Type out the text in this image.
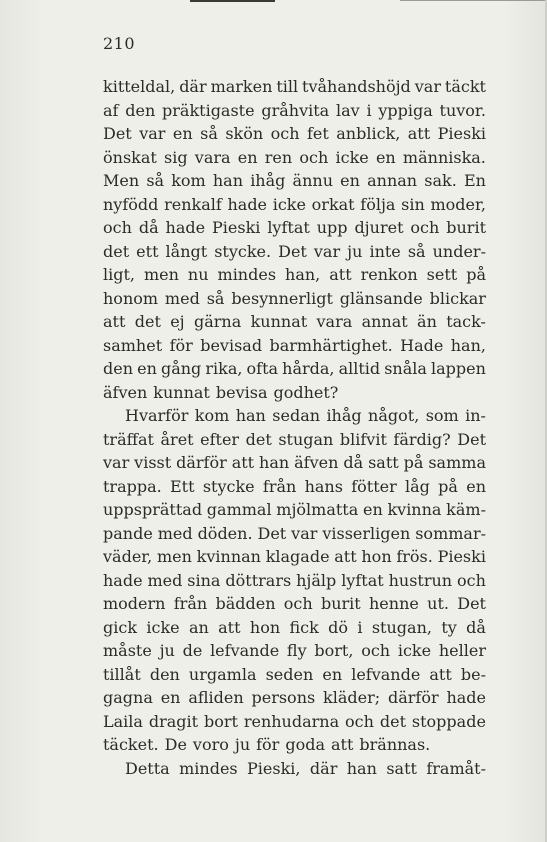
210
kitteldal, där marken till tvåhandshöjd var täckt
af den präktigaste gråhvita lav i yppiga tuvor.
Det var en så skön och fet anblick, att Pieski
önskat sig vara en ren och icke en människa.
Men så kom han ihåg ännu en annan sak. En
nyfödd renkalf hade icke orkat följa sin moder,
och då hade Pieski lyftat upp djuret och burit
det ett långt stycke. Det var ju inte så under-
ligt, men nu mindes han, att renkon sett på
honom med så besynnerligt glänsande blickar
att det ej gärna kunnat vara annat än tack-
samhet för bevisad barmhärtighet. Hade han,
den en gång rika, ofta hårda, alltid snåla lappen
äfven kunnat bevisa godhet?
Hvarför kom han sedan ihåg något, som in-
träffat året efter det stugan blifvit färdig? Det
var visst därför att han äfven då satt på samma
trappa. Ett stycke från hans fötter låg på en
uppsprättad gammal mjölmatta en kvinna käm-
pande med döden. Det var visserligen sommar-
väder, men kvinnan klagade att hon frös. Pieski
hade med sina döttrars hjälp lyftat hustrun och
modern från bädden och burit henne ut. Det
gick icke an att hon fick dö i stugan, ty då
måste ju de lefvande fly bort, och icke heller
tillåt den urgamla seden en lefvande att be-
gagna en afliden persons kläder; därför hade
Laila dragit bort renhudarna och det stoppade
täcket. De voro ju för goda att brännas.
Detta mindes Pieski, där han satt framåt-
